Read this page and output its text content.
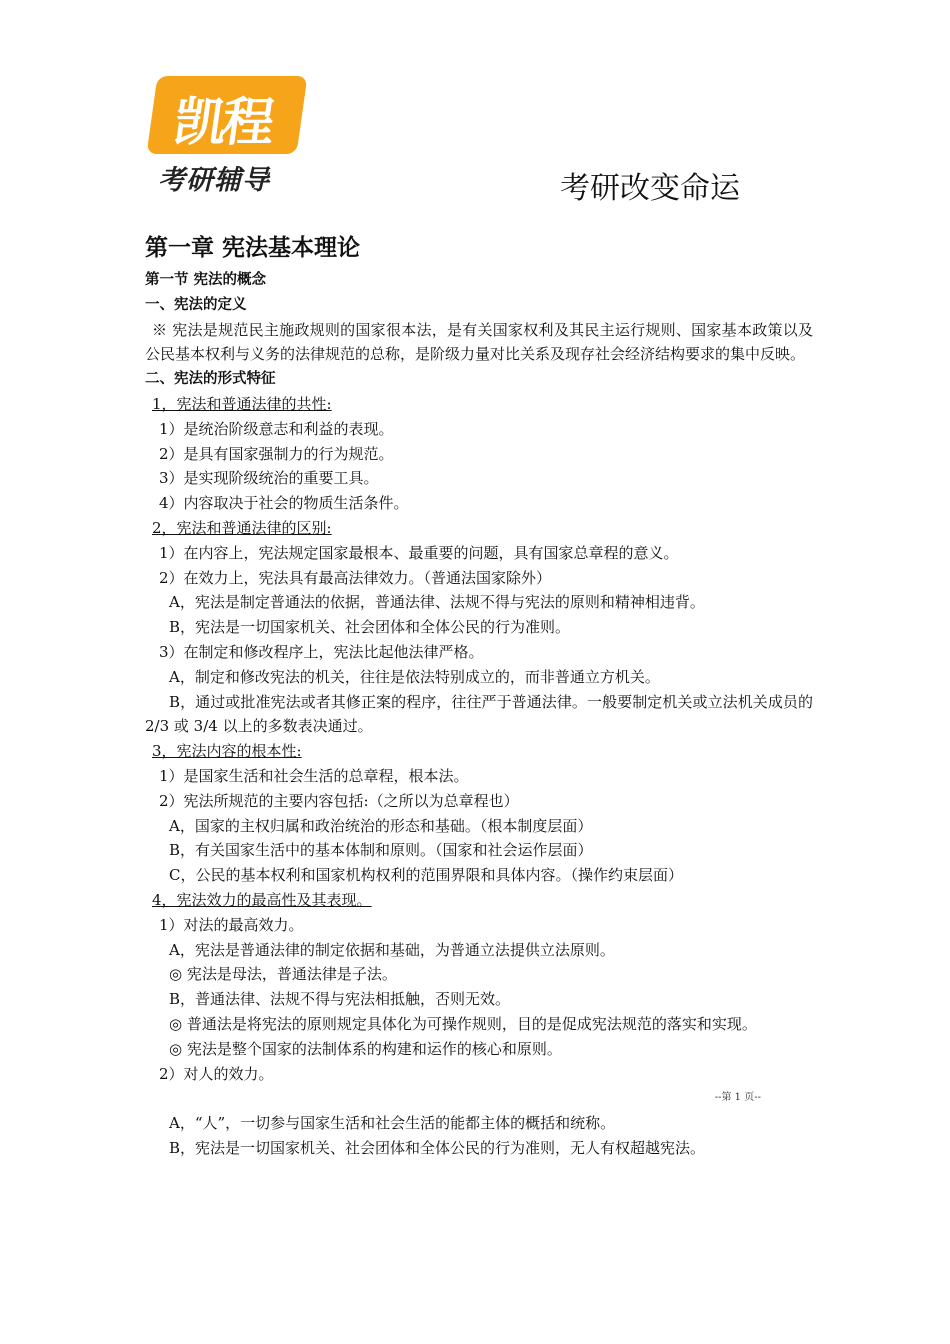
凯程
考研辅导	考研改变命运
第一章 宪法基本理论
第一节 宪法的概念
一、宪法的定义

※ 宪法是规范民主施政规则的国家很本法，是有关国家权利及其民主运行规则、国家基本政策以及公民基本权利与义务的法律规范的总称，是阶级力量对比关系及现存社会经济结构要求的集中反映。

二、宪法的形式特征
1，宪法和普通法律的共性:
1）是统治阶级意志和利益的表现。
2）是具有国家强制力的行为规范。
3）是实现阶级统治的重要工具。
4）内容取决于社会的物质生活条件。
2，宪法和普通法律的区别:
1）在内容上，宪法规定国家最根本、最重要的问题，具有国家总章程的意义。
2）在效力上，宪法具有最高法律效力。（普通法国家除外）
A，宪法是制定普通法的依据，普通法律、法规不得与宪法的原则和精神相违背。
B，宪法是一切国家机关、社会团体和全体公民的行为准则。
3）在制定和修改程序上，宪法比起他法律严格。
A，制定和修改宪法的机关，往往是依法特别成立的，而非普通立方机关。

B，通过或批准宪法或者其修正案的程序，往往严于普通法律。一般要制定机关或立法机关成员的 2/3 或 3/4 以上的多数表决通过。

3，宪法内容的根本性:
1）是国家生活和社会生活的总章程，根本法。
2）宪法所规范的主要内容包括:（之所以为总章程也）
A，国家的主权归属和政治统治的形态和基础。（根本制度层面）
B，有关国家生活中的基本体制和原则。（国家和社会运作层面）
C，公民的基本权利和国家机构权利的范围界限和具体内容。（操作约束层面）
4，宪法效力的最高性及其表现。
1）对法的最高效力。
A，宪法是普通法律的制定依据和基础，为普通立法提供立法原则。
◎ 宪法是母法，普通法律是子法。
B，普通法律、法规不得与宪法相抵触，否则无效。

◎ 普通法是将宪法的原则规定具体化为可操作规则，目的是促成宪法规范的落实和实现。

◎ 宪法是整个国家的法制体系的构建和运作的核心和原则。
2）对人的效力。
--第 1 页--
A，“人”，一切参与国家生活和社会生活的能都主体的概括和统称。
B，宪法是一切国家机关、社会团体和全体公民的行为准则，无人有权超越宪法。
